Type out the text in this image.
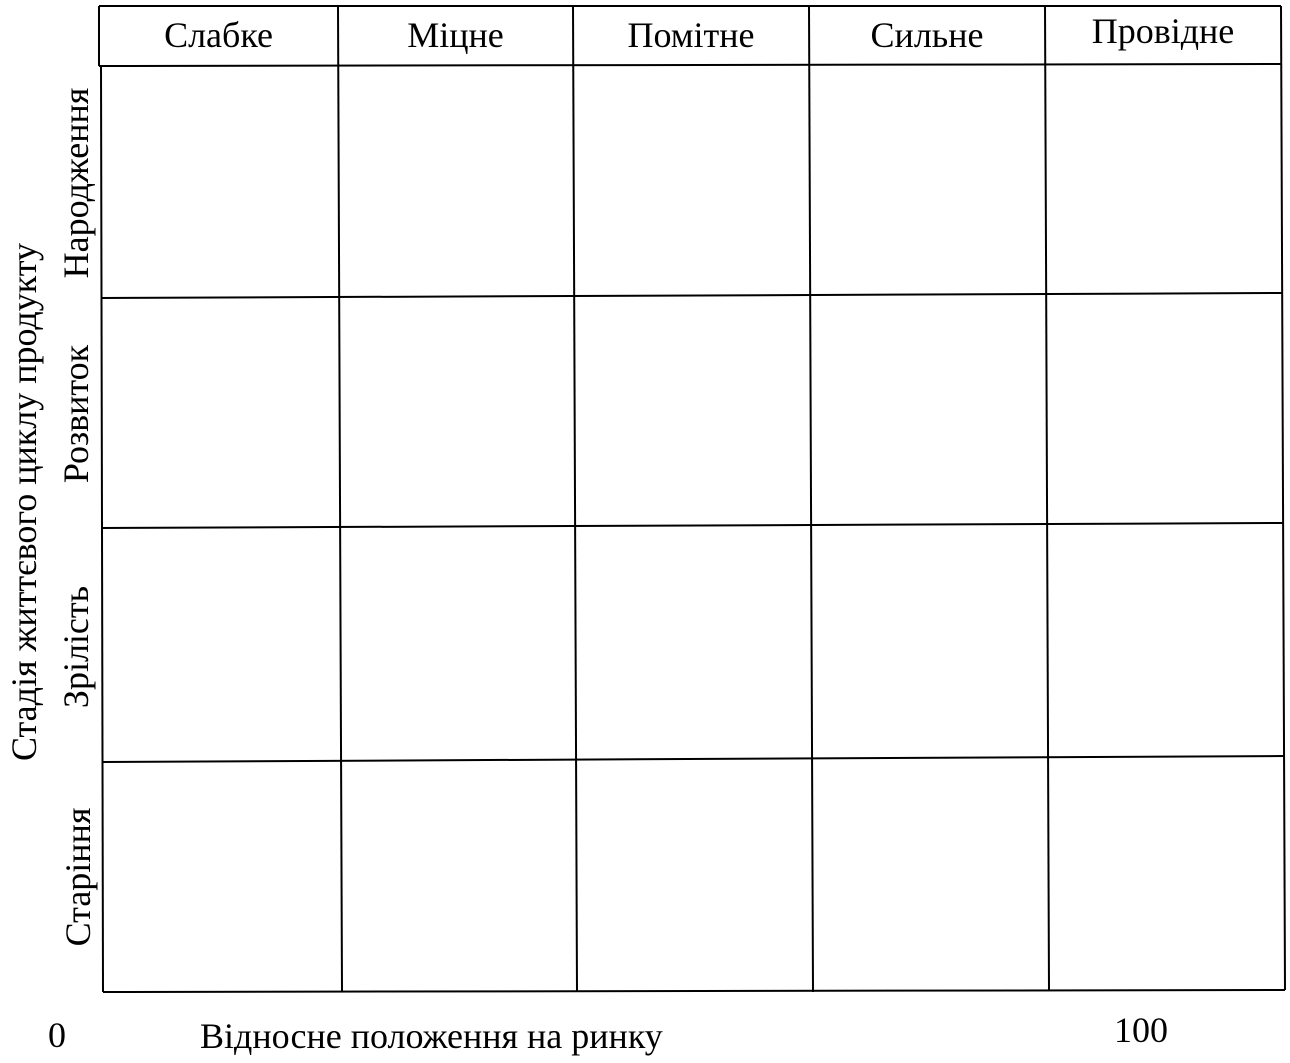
Слабке	Міцне	Помітне	Сильне	Провідне
Народження
Розвиток
Зрілість
Старіння
Стадія життєвого циклу продукту
0	Відносне положення на ринку	100
